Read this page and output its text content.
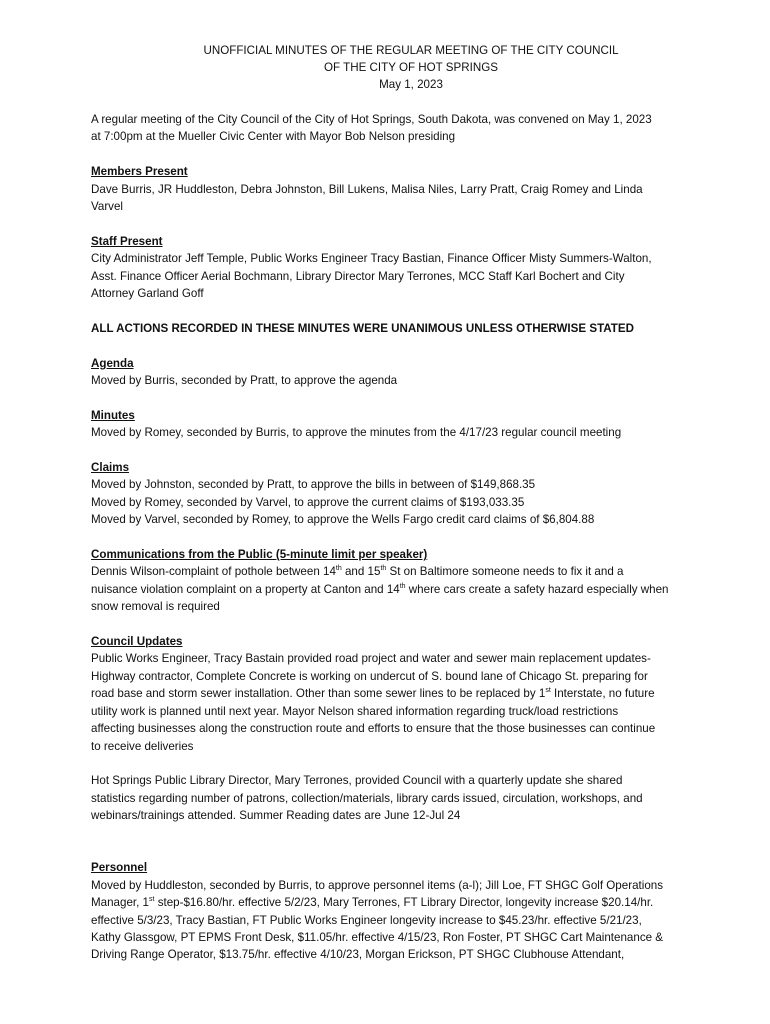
UNOFFICIAL MINUTES OF THE REGULAR MEETING OF THE CITY COUNCIL
OF THE CITY OF HOT SPRINGS
May 1, 2023
A regular meeting of the City Council of the City of Hot Springs, South Dakota, was convened on May 1, 2023
at 7:00pm at the Mueller Civic Center with Mayor Bob Nelson presiding
Members Present
Dave Burris, JR Huddleston, Debra Johnston, Bill Lukens, Malisa Niles, Larry Pratt, Craig Romey and Linda
Varvel
Staff Present
City Administrator Jeff Temple, Public Works Engineer Tracy Bastian, Finance Officer Misty Summers-Walton,
Asst. Finance Officer Aerial Bochmann, Library Director Mary Terrones, MCC Staff Karl Bochert and City
Attorney Garland Goff
ALL ACTIONS RECORDED IN THESE MINUTES WERE UNANIMOUS UNLESS OTHERWISE STATED
Agenda
Moved by Burris, seconded by Pratt, to approve the agenda
Minutes
Moved by Romey, seconded by Burris, to approve the minutes from the 4/17/23 regular council meeting
Claims
Moved by Johnston, seconded by Pratt, to approve the bills in between of $149,868.35
Moved by Romey, seconded by Varvel, to approve the current claims of $193,033.35
Moved by Varvel, seconded by Romey, to approve the Wells Fargo credit card claims of $6,804.88
Communications from the Public (5-minute limit per speaker)
Dennis Wilson-complaint of pothole between 14th and 15th St on Baltimore someone needs to fix it and a
nuisance violation complaint on a property at Canton and 14th where cars create a safety hazard especially when
snow removal is required
Council Updates
Public Works Engineer, Tracy Bastain provided road project and water and sewer main replacement updates-
Highway contractor, Complete Concrete is working on undercut of S. bound lane of Chicago St. preparing for
road base and storm sewer installation. Other than some sewer lines to be replaced by 1st Interstate, no future
utility work is planned until next year. Mayor Nelson shared information regarding truck/load restrictions
affecting businesses along the construction route and efforts to ensure that the those businesses can continue
to receive deliveries
Hot Springs Public Library Director, Mary Terrones, provided Council with a quarterly update she shared
statistics regarding number of patrons, collection/materials, library cards issued, circulation, workshops, and
webinars/trainings attended. Summer Reading dates are June 12-Jul 24
Personnel
Moved by Huddleston, seconded by Burris, to approve personnel items (a-l); Jill Loe, FT SHGC Golf Operations
Manager, 1st step-$16.80/hr. effective 5/2/23, Mary Terrones, FT Library Director, longevity increase $20.14/hr.
effective 5/3/23, Tracy Bastian, FT Public Works Engineer longevity increase to $45.23/hr. effective 5/21/23,
Kathy Glassgow, PT EPMS Front Desk, $11.05/hr. effective 4/15/23, Ron Foster, PT SHGC Cart Maintenance &
Driving Range Operator, $13.75/hr. effective 4/10/23, Morgan Erickson, PT SHGC Clubhouse Attendant,
